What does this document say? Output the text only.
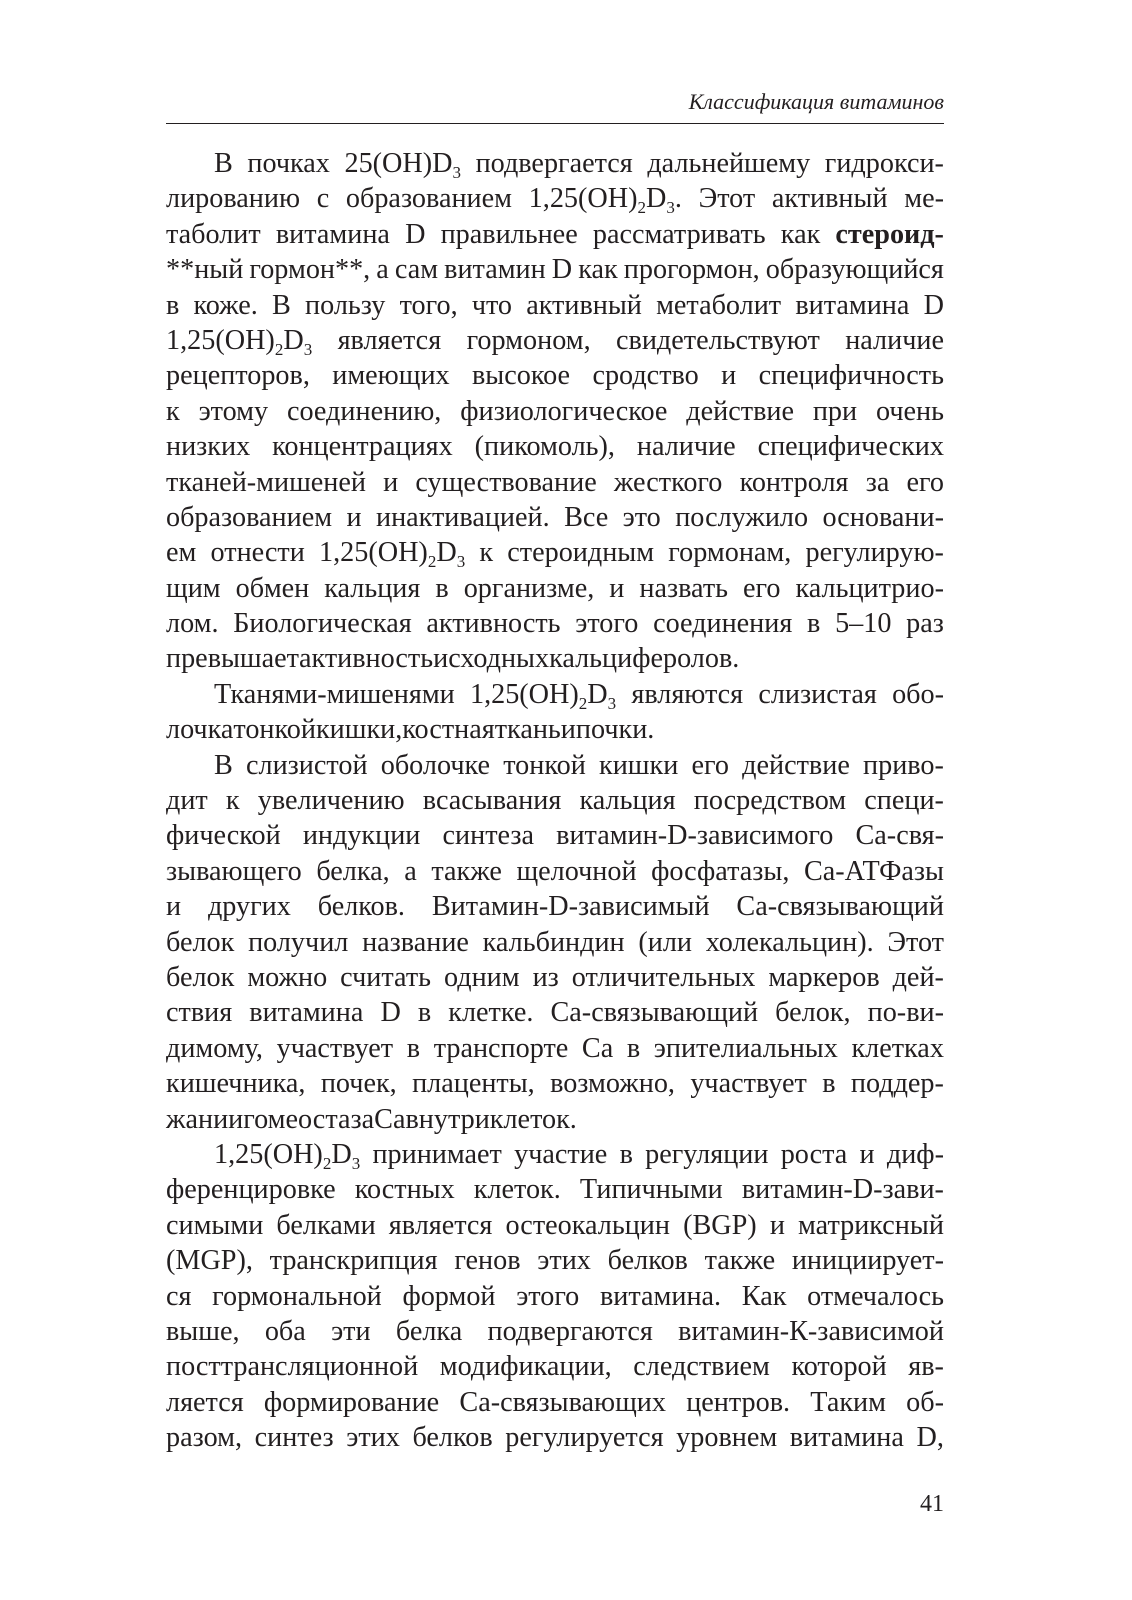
Классификация витаминов
В почках $25(OH)D_3$ подвергается дальнейшему гидрокси-
лированию с образованием $1,25(OH)_2D_3$. Этот активный ме-
таболит витамина D правильнее рассматривать как стероид-
**ный гормон**, а сам витамин D как прогормон, образующийся
в коже. В пользу того, что активный метаболит витамина D
$1,25(OH)_2D_3$ является гормоном, свидетельствуют наличие
рецепторов, имеющих высокое сродство и специфичность
к этому соединению, физиологическое действие при очень
низких концентрациях (пикомоль), наличие специфических
тканей-мишеней и существование жесткого контроля за его
образованием и инактивацией. Все это послужило основани-
ем отнести $1,25(OH)_2D_3$ к стероидным гормонам, регулирую-
щим обмен кальция в организме, и назвать его кальцитрио-
лом. Биологическая активность этого соединения в 5–10 раз
превышает активность исходных кальциферолов.
Тканями-мишенями $1,25(OH)_2D_3$ являются слизистая обо-
лочка тонкой кишки, костная ткань и почки.
В слизистой оболочке тонкой кишки его действие приво-
дит к увеличению всасывания кальция посредством специ-
фической индукции синтеза витамин-D-зависимого Са-свя-
зывающего белка, а также щелочной фосфатазы, Са-АТФазы
и других белков. Витамин-D-зависимый Са-связывающий
белок получил название кальбиндин (или холекальцин). Этот
белок можно считать одним из отличительных маркеров дей-
ствия витамина D в клетке. Са-связывающий белок, по-ви-
димому, участвует в транспорте Са в эпителиальных клетках
кишечника, почек, плаценты, возможно, участвует в поддер-
жании гомеостаза Са внутри клеток.
$1,25(OH)_2D_3$ принимает участие в регуляции роста и диф-
ференцировке костных клеток. Типичными витамин-D-зави-
симыми белками является остеокальцин (BGP) и матриксный
(MGP), транскрипция генов этих белков также инициирует-
ся гормональной формой этого витамина. Как отмечалось
выше, оба эти белка подвергаются витамин-К-зависимой
посттрансляционной модификации, следствием которой яв-
ляется формирование Са-связывающих центров. Таким об-
разом, синтез этих белков регулируется уровнем витамина D,
41
